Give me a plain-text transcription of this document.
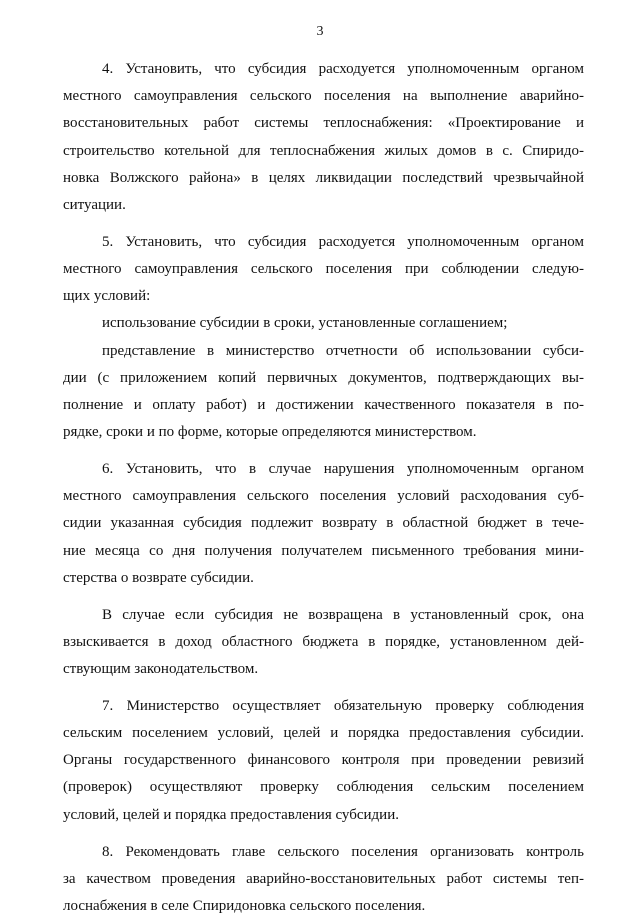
3
4. Установить, что субсидия расходуется уполномоченным органом
местного самоуправления сельского поселения на выполнение аварийно-
восстановительных работ системы теплоснабжения: «Проектирование и
строительство котельной для теплоснабжения жилых домов в с. Спиридо-
новка Волжского района» в целях ликвидации последствий чрезвычайной
ситуации.
5. Установить, что субсидия расходуется уполномоченным органом
местного самоуправления сельского поселения при соблюдении следую-
щих условий:
использование субсидии в сроки, установленные соглашением;
представление в министерство отчетности об использовании субси-
дии (с приложением копий первичных документов, подтверждающих вы-
полнение и оплату работ) и достижении качественного показателя в по-
рядке, сроки и по форме, которые определяются министерством.
6. Установить, что в случае нарушения уполномоченным органом
местного самоуправления сельского поселения условий расходования суб-
сидии указанная субсидия подлежит возврату в областной бюджет в тече-
ние месяца со дня получения получателем письменного требования мини-
стерства о возврате субсидии.
В случае если субсидия не возвращена в установленный срок, она
взыскивается в доход областного бюджета в порядке, установленном дей-
ствующим законодательством.
7. Министерство осуществляет обязательную проверку соблюдения
сельским поселением условий, целей и порядка предоставления субсидии.
Органы государственного финансового контроля при проведении ревизий
(проверок) осуществляют проверку соблюдения сельским поселением
условий, целей и порядка предоставления субсидии.
8. Рекомендовать главе сельского поселения организовать контроль
за качеством проведения аварийно-восстановительных работ системы теп-
лоснабжения в селе Спиридоновка сельского поселения.
